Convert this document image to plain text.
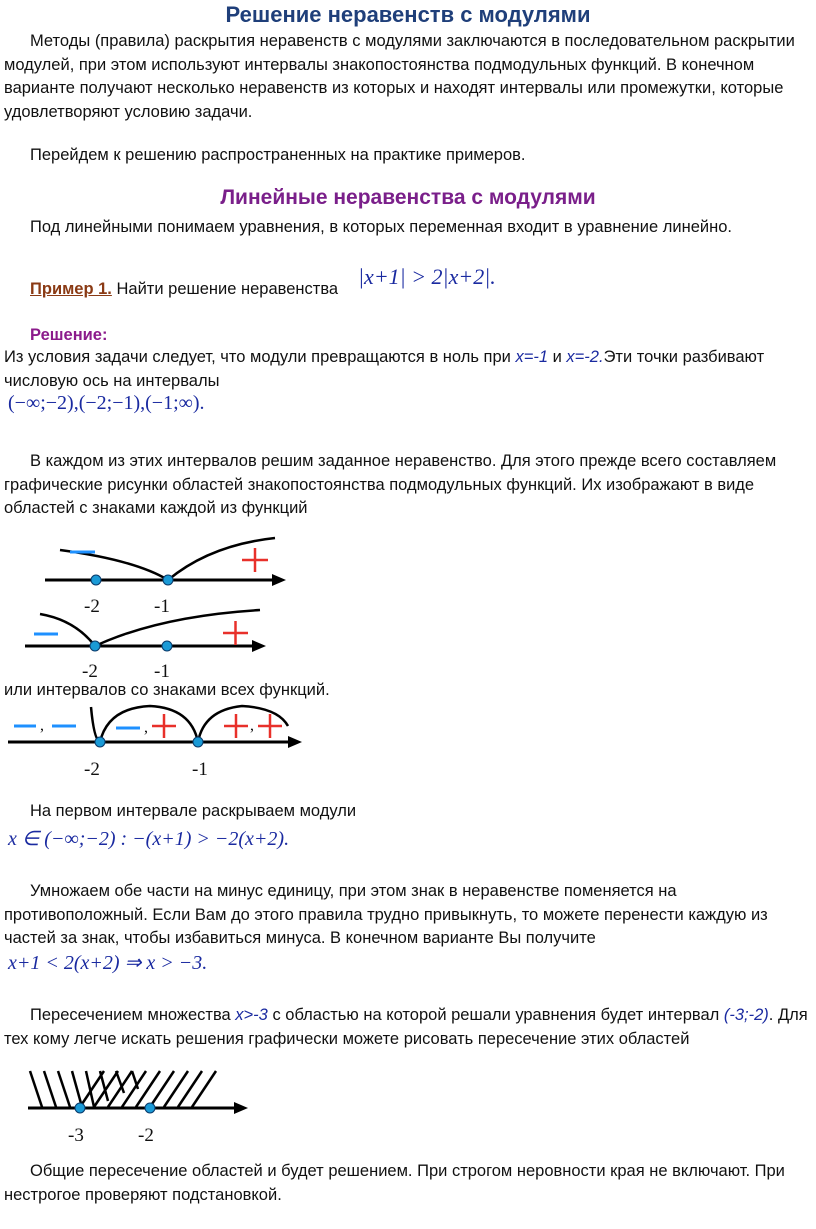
Решение неравенств с модулями
Методы (правила) раскрытия неравенств с модулями заключаются в последовательном раскрытии модулей, при этом используют интервалы знакопостоянства подмодульных функций. В конечном варианте получают несколько неравенств из которых и находят интервалы или промежутки, которые удовлетворяют условию задачи.
Перейдем к решению распространенных на практике примеров.
Линейные неравенства с модулями
Под линейными понимаем уравнения, в которых переменная входит в уравнение линейно.
Пример 1. Найти решение неравенства |x+1| > 2|x+2|.
Решение:
Из условия задачи следует, что модули превращаются в ноль при x=-1 и x=-2.Эти точки разбивают числовую ось на интервалы
(−∞;−2),(−2;−1),(−1;∞).
В каждом из этих интервалов решим заданное неравенство. Для этого прежде всего составляем графические рисунки областей знакопостоянства подмодульных функций. Их изображают в виде областей с знаками каждой из функций
-2	-1
-2	-1
или интервалов со знаками всех функций.
,	,	,
-2	-1
На первом интервале раскрываем модули
x ∈ (−∞;−2) : −(x+1) > −2(x+2).
Умножаем обе части на минус единицу, при этом знак в неравенстве поменяется на противоположный. Если Вам до этого правила трудно привыкнуть, то можете перенести каждую из частей за знак, чтобы избавиться минуса. В конечном варианте Вы получите
x+1 < 2(x+2) ⇒ x > −3.
Пересечением множества x>-3 с областью на которой решали уравнения будет интервал (-3;-2). Для тех кому легче искать решения графически можете рисовать пересечение этих областей
-3	-2
Общие пересечение областей и будет решением. При строгом неровности края не включают. При нестрогое проверяют подстановкой.
